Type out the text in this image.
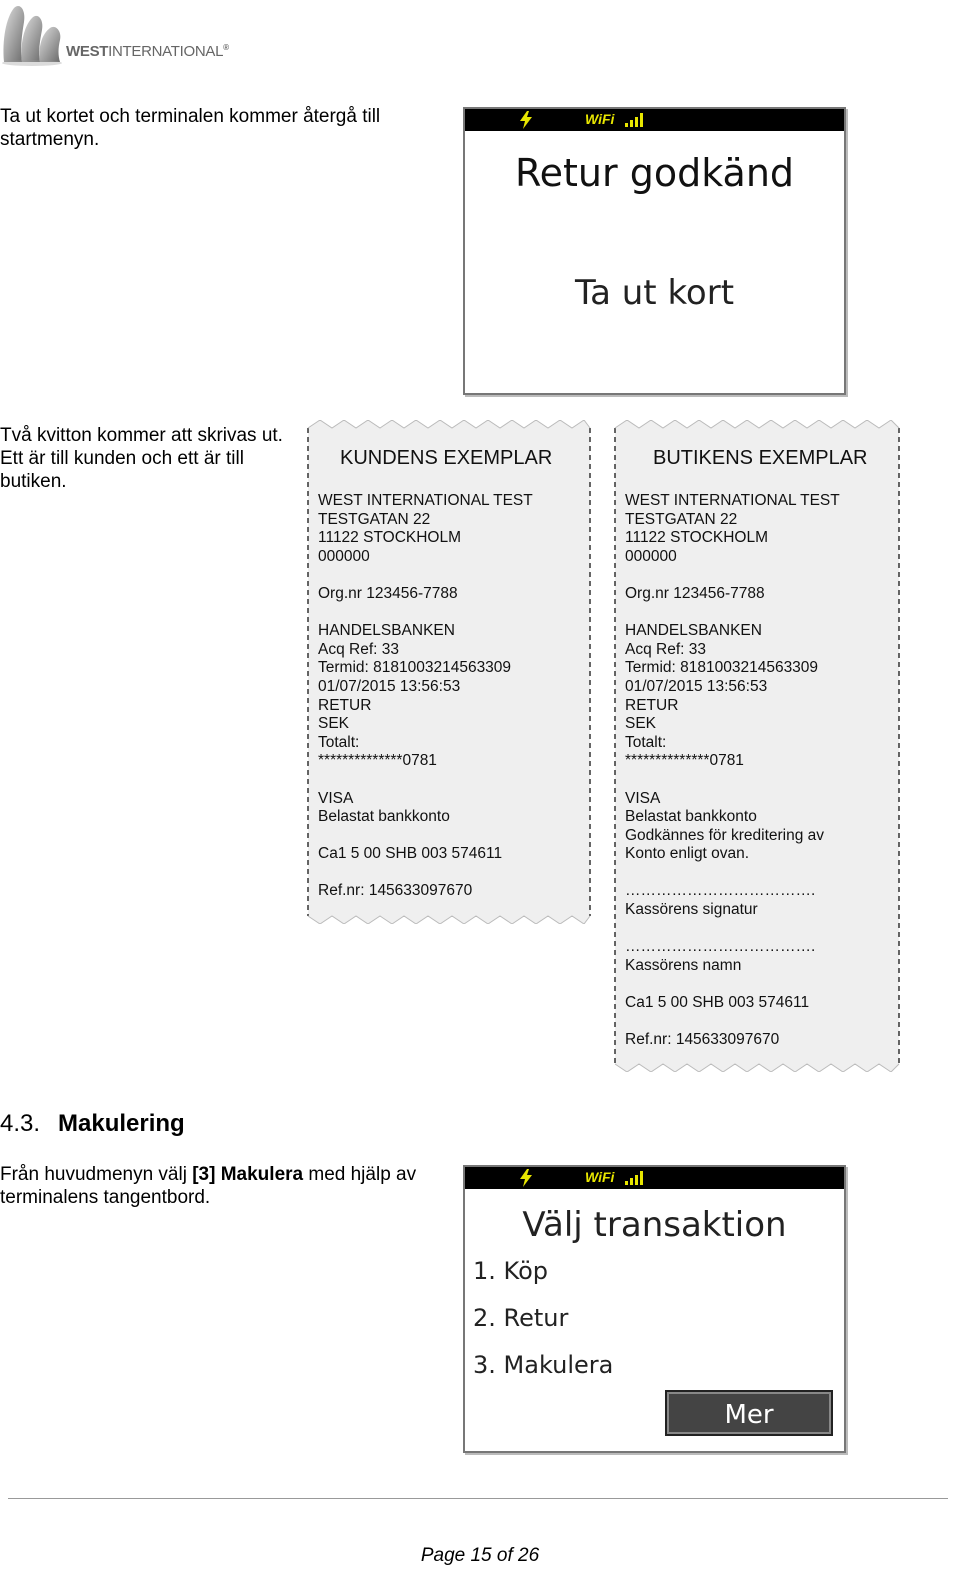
WESTINTERNATIONAL®
Ta ut kortet och terminalen kommer återgå till startmenyn.
WiFi
Retur godkänd
Ta ut kort
Två kvitton kommer att skrivas ut. Ett är till kunden och ett är till butiken.
KUNDENS EXEMPLAR
WEST INTERNATIONAL TEST
TESTGATAN 22
11122 STOCKHOLM
000000
Org.nr 123456-7788
HANDELSBANKEN
Acq Ref: 33
Termid: 8181003214563309
01/07/2015 13:56:53
RETUR
SEK
Totalt:
**************0781
VISA
Belastat bankkonto
Ca1 5 00 SHB 003 574611
Ref.nr: 145633097670
BUTIKENS EXEMPLAR
WEST INTERNATIONAL TEST
TESTGATAN 22
11122 STOCKHOLM
000000
Org.nr 123456-7788
HANDELSBANKEN
Acq Ref: 33
Termid: 8181003214563309
01/07/2015 13:56:53
RETUR
SEK
Totalt:
**************0781
VISA
Belastat bankkonto
Godkännes för kreditering av
Konto enligt ovan.
……………………………….
Kassörens signatur
……………………………….
Kassörens namn
Ca1 5 00 SHB 003 574611
Ref.nr: 145633097670
4.3. Makulering
Från huvudmenyn välj [3] Makulera med hjälp av terminalens tangentbord.
WiFi
Välj transaktion
1. Köp
2. Retur
3. Makulera
Mer
Page 15 of 26
